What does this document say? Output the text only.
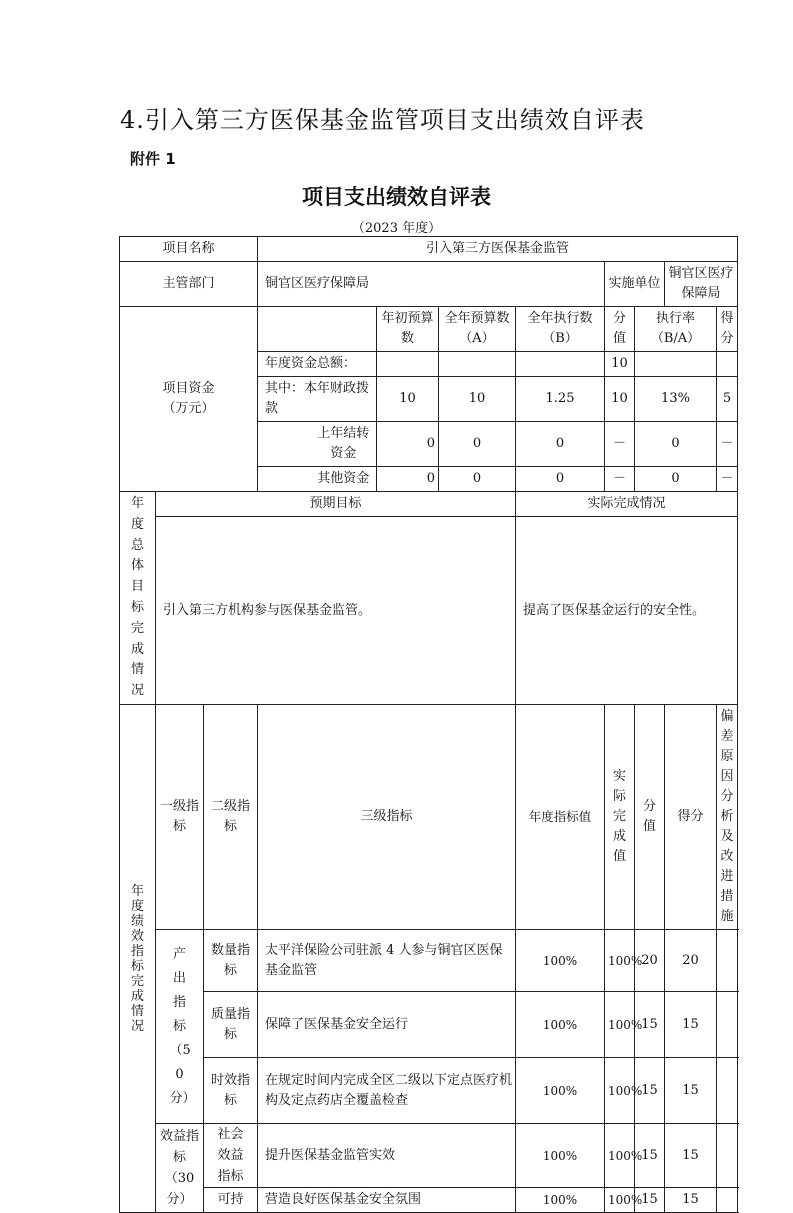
4.引入第三方医保基金监管项目支出绩效自评表
附件 1
项目支出绩效自评表
（2023 年度）
项目名称			引入第三方医保基金监管								
主管部门			铜官区医疗保障局					实施单位		铜官区医疗保障局	
项目资金
（万元）					年初预算数	全年预算数（A）	全年执行数（B）	分值	执行率（B/A）		得分
			年度资金总额：					10			
			其中：本年财政拨款		10	10	1.25	10	13%		5
				上年结转资金	0	0	0	－	0		－
				其他资金	0	0	0	－	0		－

年度总体目标完成情况	预期目标						实际完成情况				
	引入第三方机构参与医保基金监管。						提高了医保基金运行的安全性。				

年度绩效指标完成情况	一级指标	二级指标	三级指标				年度指标值	实际完成值	分值	得分	偏差原因分析及改进措施

	产出指标（50分）	数量指标	太平洋保险公司驻派 4 人参与铜官区医保基金监管				100%	100%	20	20	
		质量指标	保障了医保基金安全运行				100%	100%	15	15	
		时效指标	在规定时间内完成全区二级以下定点医疗机构及定点药店全覆盖检查				100%	100%	15	15	

	效益指标（30分）	社会效益指标	提升医保基金监管实效				100%	100%	15	15	
		可持	营造良好医保基金安全氛围				100%	100%	15	15	
